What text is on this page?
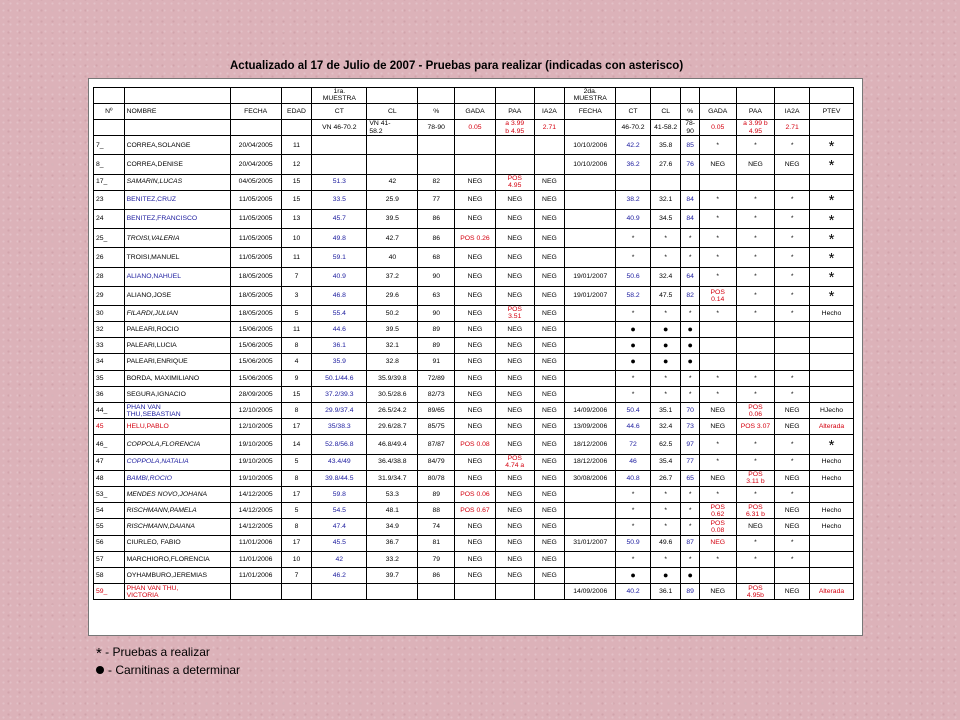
Actualizado al 17 de Julio de 2007 - Pruebas para realizar (indicadas con asterisco)
				1ra.
MUESTRA						2da.
MUESTRA							
Nº	NOMBRE	FECHA	EDAD	CT	CL	%	GADA	PAA	IA2A	FECHA	CT	CL	%	GADA	PAA	IA2A	PTEV
				VN 46-70.2	VN 41-
58.2	78-90	0.05	a 3.99
b 4.95	2.71		46-70.2	41-58.2	78-
90	0.05	a 3.99 b
4.95	2.71	
7_	CORREA,SOLANGE	20/04/2005	11							10/10/2006	42.2	35.8	85	*	*	*	*
8_	CORREA,DENISE	20/04/2005	12							10/10/2006	36.2	27.6	76	NEG	NEG	NEG	*
17_	SAMARIN,LUCAS	04/05/2005	15	51.3	42	82	NEG	POS
4.95	NEG								
23	BENITEZ,CRUZ	11/05/2005	15	33.5	25.9	77	NEG	NEG	NEG		38.2	32.1	84	*	*	*	*
24	BENITEZ,FRANCISCO	11/05/2005	13	45.7	39.5	86	NEG	NEG	NEG		40.9	34.5	84	*	*	*	*
25_	TROISI,VALERIA	11/05/2005	10	49.8	42.7	86	POS 0.26	NEG	NEG		*	*	*	*	*	*	*
26	TROISI,MANUEL	11/05/2005	11	59.1	40	68	NEG	NEG	NEG		*	*	*	*	*	*	*
28	ALIANO,NAHUEL	18/05/2005	7	40.9	37.2	90	NEG	NEG	NEG	19/01/2007	50.6	32.4	64	*	*	*	*
29	ALIANO,JOSE	18/05/2005	3	46.8	29.6	63	NEG	NEG	NEG	19/01/2007	58.2	47.5	82	POS
0.14	*	*	*
30	FILARDI,JULIAN	18/05/2005	5	55.4	50.2	90	NEG	POS
3.51	NEG		*	*	*	*	*	*	Hecho
32	PALEARI,ROCIO	15/06/2005	11	44.6	39.5	89	NEG	NEG	NEG		●	●	●				
33	PALEARI,LUCIA	15/06/2005	8	36.1	32.1	89	NEG	NEG	NEG		●	●	●				
34	PALEARI,ENRIQUE	15/06/2005	4	35.9	32.8	91	NEG	NEG	NEG		●	●	●				
35	BORDA, MAXIMILIANO	15/06/2005	9	50.1/44.6	35.9/39.8	72/89	NEG	NEG	NEG		*	*	*	*	*	*	
36	SEGURA,IGNACIO	28/09/2005	15	37.2/39.3	30.5/28.6	82/73	NEG	NEG	NEG		*	*	*	*	*	*	
44_	PHAN VAN
THU,SEBASTIAN	12/10/2005	8	29.9/37.4	26.5/24.2	89/65	NEG	NEG	NEG	14/09/2006	50.4	35.1	70	NEG	POS
0.06	NEG	HJecho
45	HELU,PABLO	12/10/2005	17	35/38.3	29.6/28.7	85/75	NEG	NEG	NEG	13/09/2006	44.6	32.4	73	NEG	POS 3.07	NEG	Alterada
46_	COPPOLA,FLORENCIA	19/10/2005	14	52.8/56.8	46.8/49.4	87/87	POS 0.08	NEG	NEG	18/12/2006	72	62.5	97	*	*	*	*
47	COPPOLA,NATALIA	19/10/2005	5	43.4/49	36.4/38.8	84/79	NEG	POS
4.74 a	NEG	18/12/2006	46	35.4	77	*	*	*	Hecho
48	BAMBI,ROCIO	19/10/2005	8	39.8/44.5	31.9/34.7	80/78	NEG	NEG	NEG	30/08/2006	40.8	26.7	65	NEG	POS
3.11 b	NEG	Hecho
53_	MENDES NOVO,JOHANA	14/12/2005	17	59.8	53.3	89	POS 0.06	NEG	NEG		*	*	*	*	*	*	
54	RISCHMANN,PAMELA	14/12/2005	5	54.5	48.1	88	POS 0.67	NEG	NEG		*	*	*	POS
0.62	POS
6.31 b	NEG	Hecho
55	RISCHMANN,DAIANA	14/12/2005	8	47.4	34.9	74	NEG	NEG	NEG		*	*	*	POS
0.08	NEG	NEG	Hecho
56	CIURLEO, FABIO	11/01/2006	17	45.5	36.7	81	NEG	NEG	NEG	31/01/2007	50.9	49.6	87	NEG	*	*	
57	MARCHIORO,FLORENCIA	11/01/2006	10	42	33.2	79	NEG	NEG	NEG		*	*	*	*	*	*	
58	OYHAMBURO,JEREMIAS	11/01/2006	7	46.2	39.7	86	NEG	NEG	NEG		●	●	●				
59_	PHAN VAN THU,
VICTORIA									14/09/2006	40.2	36.1	89	NEG	POS
4.95b	NEG	Alterada
* - Pruebas a realizar
- Carnitinas a determinar
